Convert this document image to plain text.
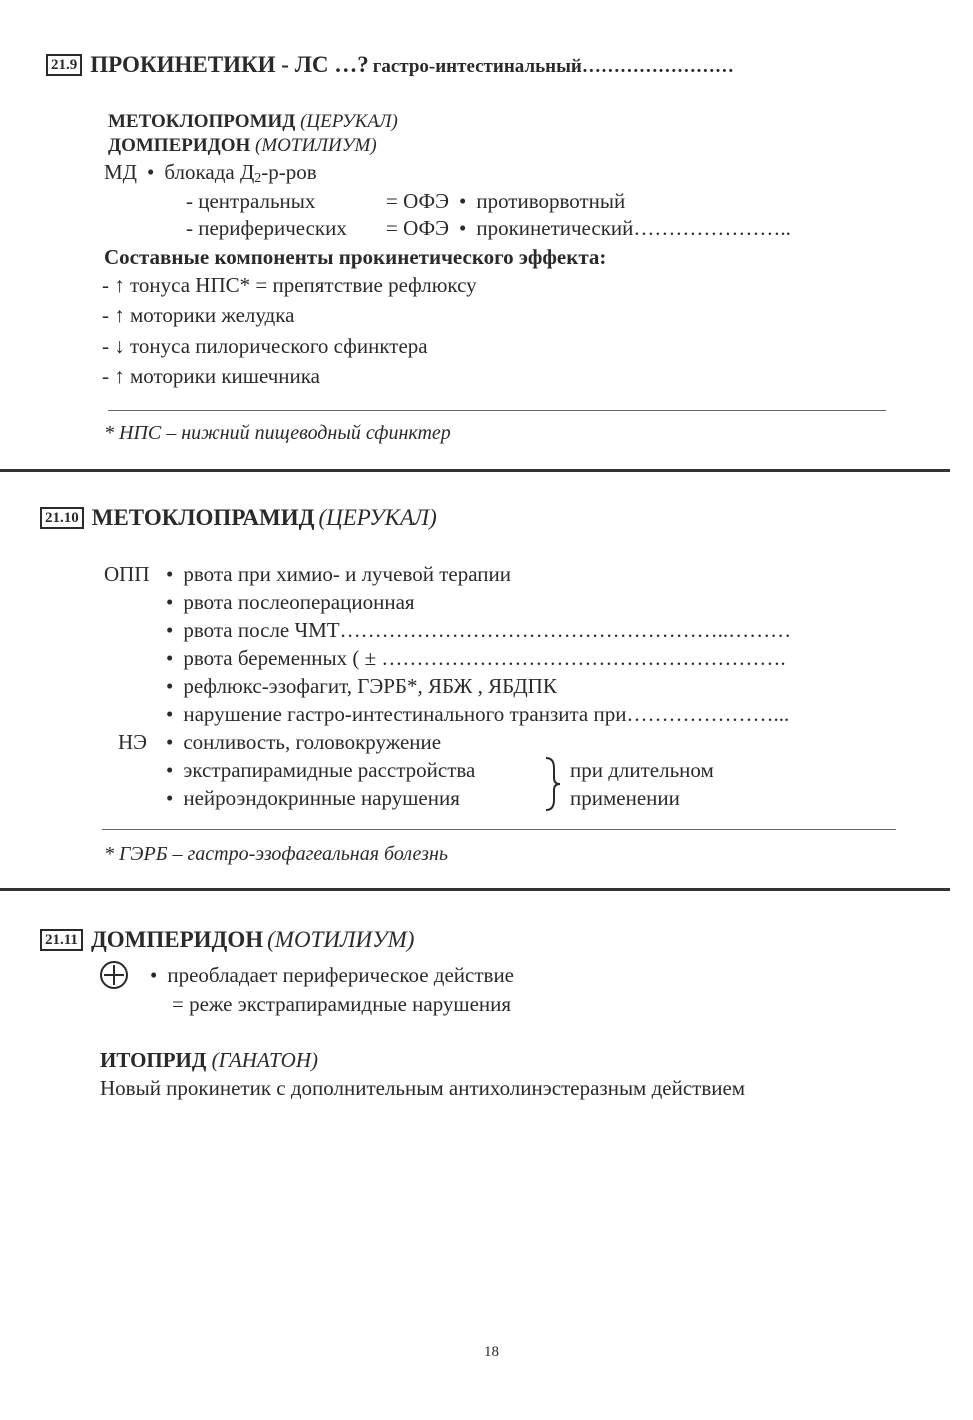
21.9 ПРОКИНЕТИКИ - ЛС …? гастро-интестинальный……………………
МЕТОКЛОПРОМИД (ЦЕРУКАЛ)
ДОМПЕРИДОН (МОТИЛИУМ)
МД • блокада $Д_2-р$-ров
- центральных	= ОФЭ • противорвотный
- периферических = ОФЭ • прокинетический…………………..
Составные компоненты прокинетического эффекта:
- ↑ тонуса НПС* = препятствие рефлюксу
- ↑ моторики желудка
- ↓ тонуса пилорического сфинктера
- ↑ моторики кишечника
* НПС – нижний пищеводный сфинктер
21.10 МЕТОКЛОПРАМИД (ЦЕРУКАЛ)
ОПП • рвота при химио- и лучевой терапии
• рвота послеоперационная
• рвота после ЧМТ………………………………………………..………
• рвота беременных ( ± ………………………………………………….
• рефлюкс-эзофагит, ГЭРБ*, ЯБЖ , ЯБДПК
• нарушение гастро-интестинального транзита при…………………...
НЭ • сонливость, головокружение
• экстрапирамидные расстройства
• нейроэндокринные нарушения
при длительном
применении
* ГЭРБ – гастро-эзофагеальная болезнь
21.11 ДОМПЕРИДОН (МОТИЛИУМ)
• преобладает периферическое действие
= реже экстрапирамидные нарушения
ИТОПРИД (ГАНАТОН)
Новый прокинетик с дополнительным антихолинэстеразным действием
18
